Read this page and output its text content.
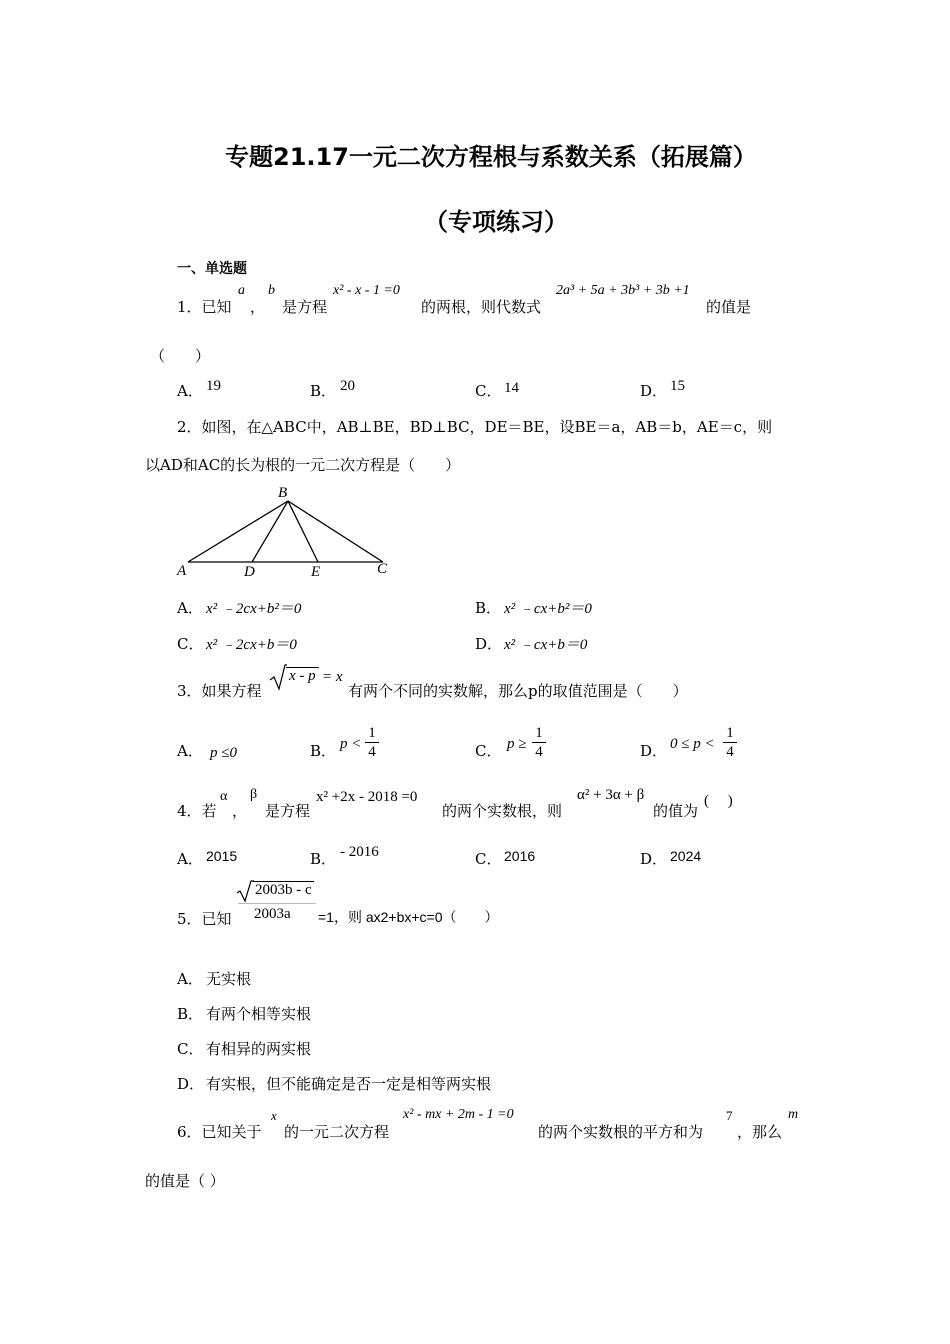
专题21.17一元二次方程根与系数关系（拓展篇）
（专项练习）
一、单选题
1．已知
a
，
b
是方程
x² - x - 1 =0
的两根，则代数式
2a³ + 5a + 3b³ + 3b +1
的值是
（　　）
A． 19	B． 20	C． 14	D． 15
2．如图，在△ABC中，AB⊥BE，BD⊥BC，DE＝BE，设BE＝a，AB＝b，AE＝c，则
以AD和AC的长为根的一元二次方程是（　　）
B
A	D	E	C
A． x² ﹣2cx+b²＝0	B． x² ﹣cx+b²＝0
C． x² ﹣2cx+b＝0	D． x² ﹣cx+b＝0
3．如果方程
x - p = x
有两个不同的实数解，那么p的取值范围是（　　）
A． p ≤0	B． p <
1
4	C． p ≥
1
4	D． 0 ≤ p <
1
4
4．若
α
，
β
是方程
x² +2x - 2018 =0
的两个实数根，则
α² + 3α + β
的值为
(　 )
A． 2015	B． - 2016	C． 2016	D． 2024
5．已知
2003b - c
2003a =1，则 ax2+bx+c=0（　　）
A． 无实根
B． 有两个相等实根
C． 有相异的两实根
D． 有实根，但不能确定是否一定是相等两实根
6．已知关于
x
的一元二次方程
x² - mx + 2m - 1 =0
的两个实数根的平方和为
7
，那么
m
的值是（ ）
